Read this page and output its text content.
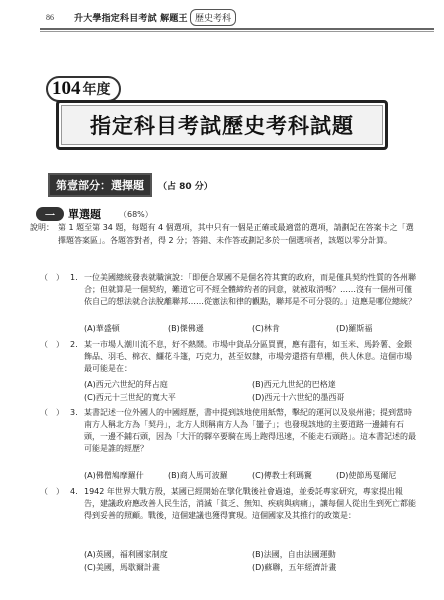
86 升大學指定科目考試 解題王 歷史考科
104 年度
指定科目考試歷史考科試題
第壹部分：選擇題	（占 80 分）
一	單選題 （68%）
說明： 第 1 題至第 34 題，每題有 4 個選項，其中只有一個是正確或最適當的選項，請劃記在答案卡之「選擇題答案區」。各題答對者，得 2 分；答錯、未作答或劃記多於一個選項者，該題以零分計算。
（　） 1. 一位美國總統發表就職演說：「即便合眾國不是個名符其實的政府，而是僅具契約性質的各州聯合；但就算是一個契約，難道它可不經全體締約者的同意，就被取消嗎？……沒有一個州可僅依自己的想法就合法脫離聯邦……從憲法和律的觀點，聯邦是不可分裂的。」這應是哪位總統？
(A)華盛頓	(B)傑佛遜	(C)林肯	(D)羅斯福
（　） 2. 某一市場人潮川流不息，好不熱鬧。市場中貨品分區買賣，應有盡有，如玉米、馬鈴薯、金銀飾品、羽毛、棉衣、鱷花斗篷，巧克力，甚至奴隸，市場旁還搭有草棚，供人休息。這個市場最可能是在：
(A)西元六世紀的拜占庭	(B)西元九世紀的巴格達
(C)西元十三世紀的寬大平	(D)西元十六世紀的墨西哥
（　） 3. 某書記述一位外國人的中國經歷，書中提到該地使用紙幣，擊紀的運河以及泉州港；提到當時南方人稱北方為「契丹」，北方人則稱南方人為「蠻子」；也發現該地的主要道路一邊鋪有石頭，一邊不鋪石頭，因為「大汗的驛卒要騎在馬上跑得迅速，不能走石頭路」。這本書記述的最可能是誰的經歷？
(A)佛僧鳩摩羅什	(B)商人馬可波羅	(C)傳教士利瑪竇	(D)使節馬戛爾尼
（　） 4. 1942 年世界大戰方殷，某國已經開始在擘化戰後社會過遠，並委託專家研究，專家提出報告，建議政府應改善人民生活，消滅「貧乏、無知、疾病與病痛」，讓每個人從出生到死亡都能得到妥善的照顧。戰後，這個建議也獲得實現。這個國家及其推行的政策是：
(A)英國，福利國家制度	(B)法國，自由法國運動
(C)美國，馬歇爾計畫	(D)蘇聯，五年經濟計畫
